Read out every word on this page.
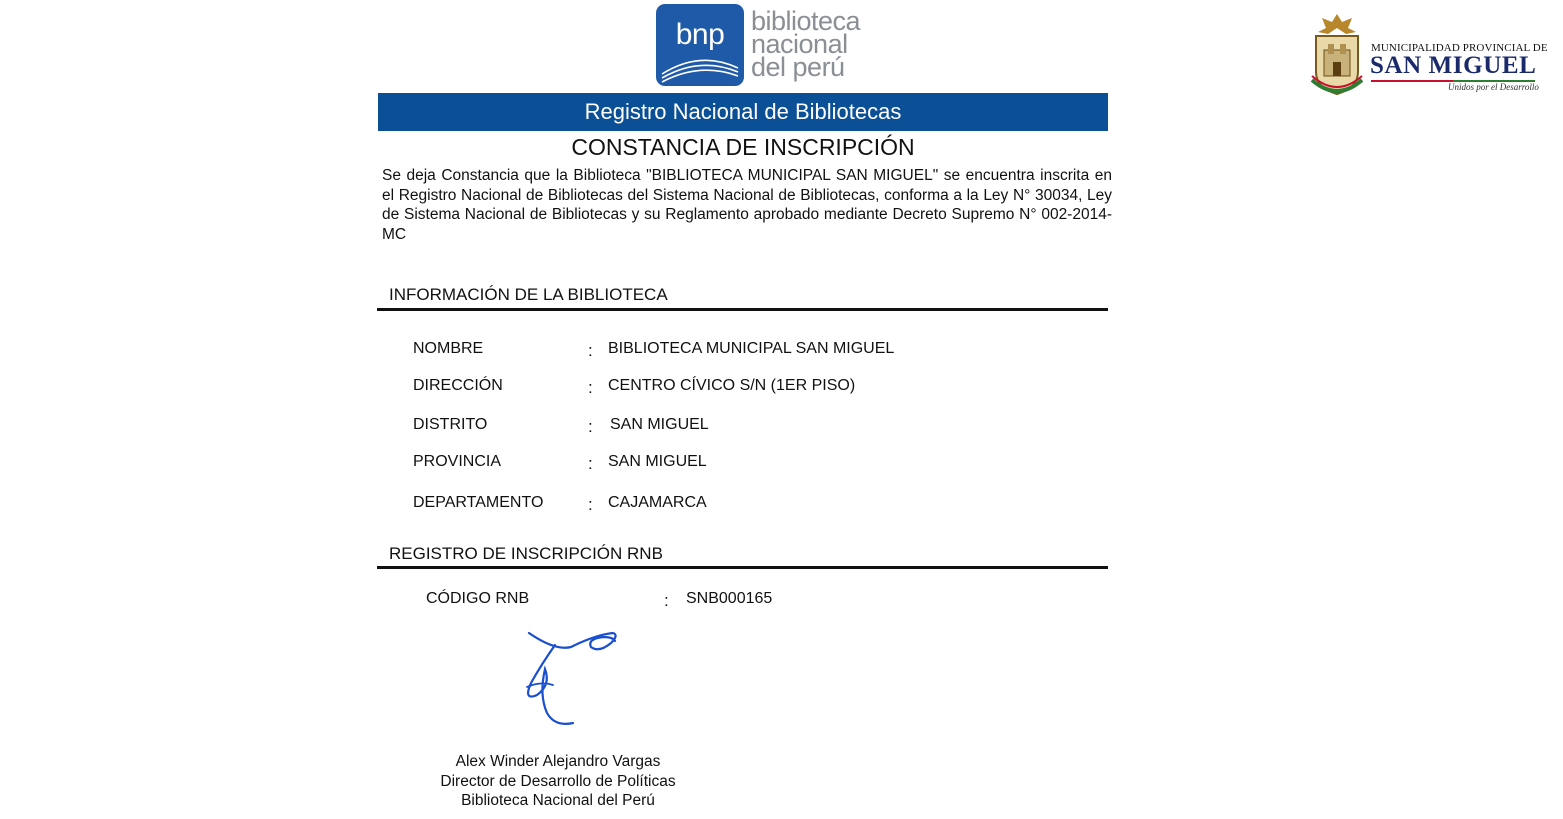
bnp biblioteca
nacional
del perú
MUNICIPALIDAD PROVINCIAL DE
SAN MIGUEL
Unidos por el Desarrollo
Registro Nacional de Bibliotecas
CONSTANCIA DE INSCRIPCIÓN
Se deja Constancia que la Biblioteca "BIBLIOTECA MUNICIPAL SAN MIGUEL" se encuentra inscrita en el Registro Nacional de Bibliotecas del Sistema Nacional de Bibliotecas, conforma a la Ley N° 30034, Ley de Sistema Nacional de Bibliotecas y su Reglamento aprobado mediante Decreto Supremo N° 002-2014-MC
INFORMACIÓN DE LA BIBLIOTECA
NOMBRE	: BIBLIOTECA MUNICIPAL SAN MIGUEL
DIRECCIÓN	: CENTRO CÍVICO S/N (1ER PISO)
DISTRITO	: SAN MIGUEL
PROVINCIA	: SAN MIGUEL
DEPARTAMENTO	: CAJAMARCA
REGISTRO DE INSCRIPCIÓN RNB
CÓDIGO RNB	: SNB000165
Alex Winder Alejandro Vargas
Director de Desarrollo de Políticas
Biblioteca Nacional del Perú
